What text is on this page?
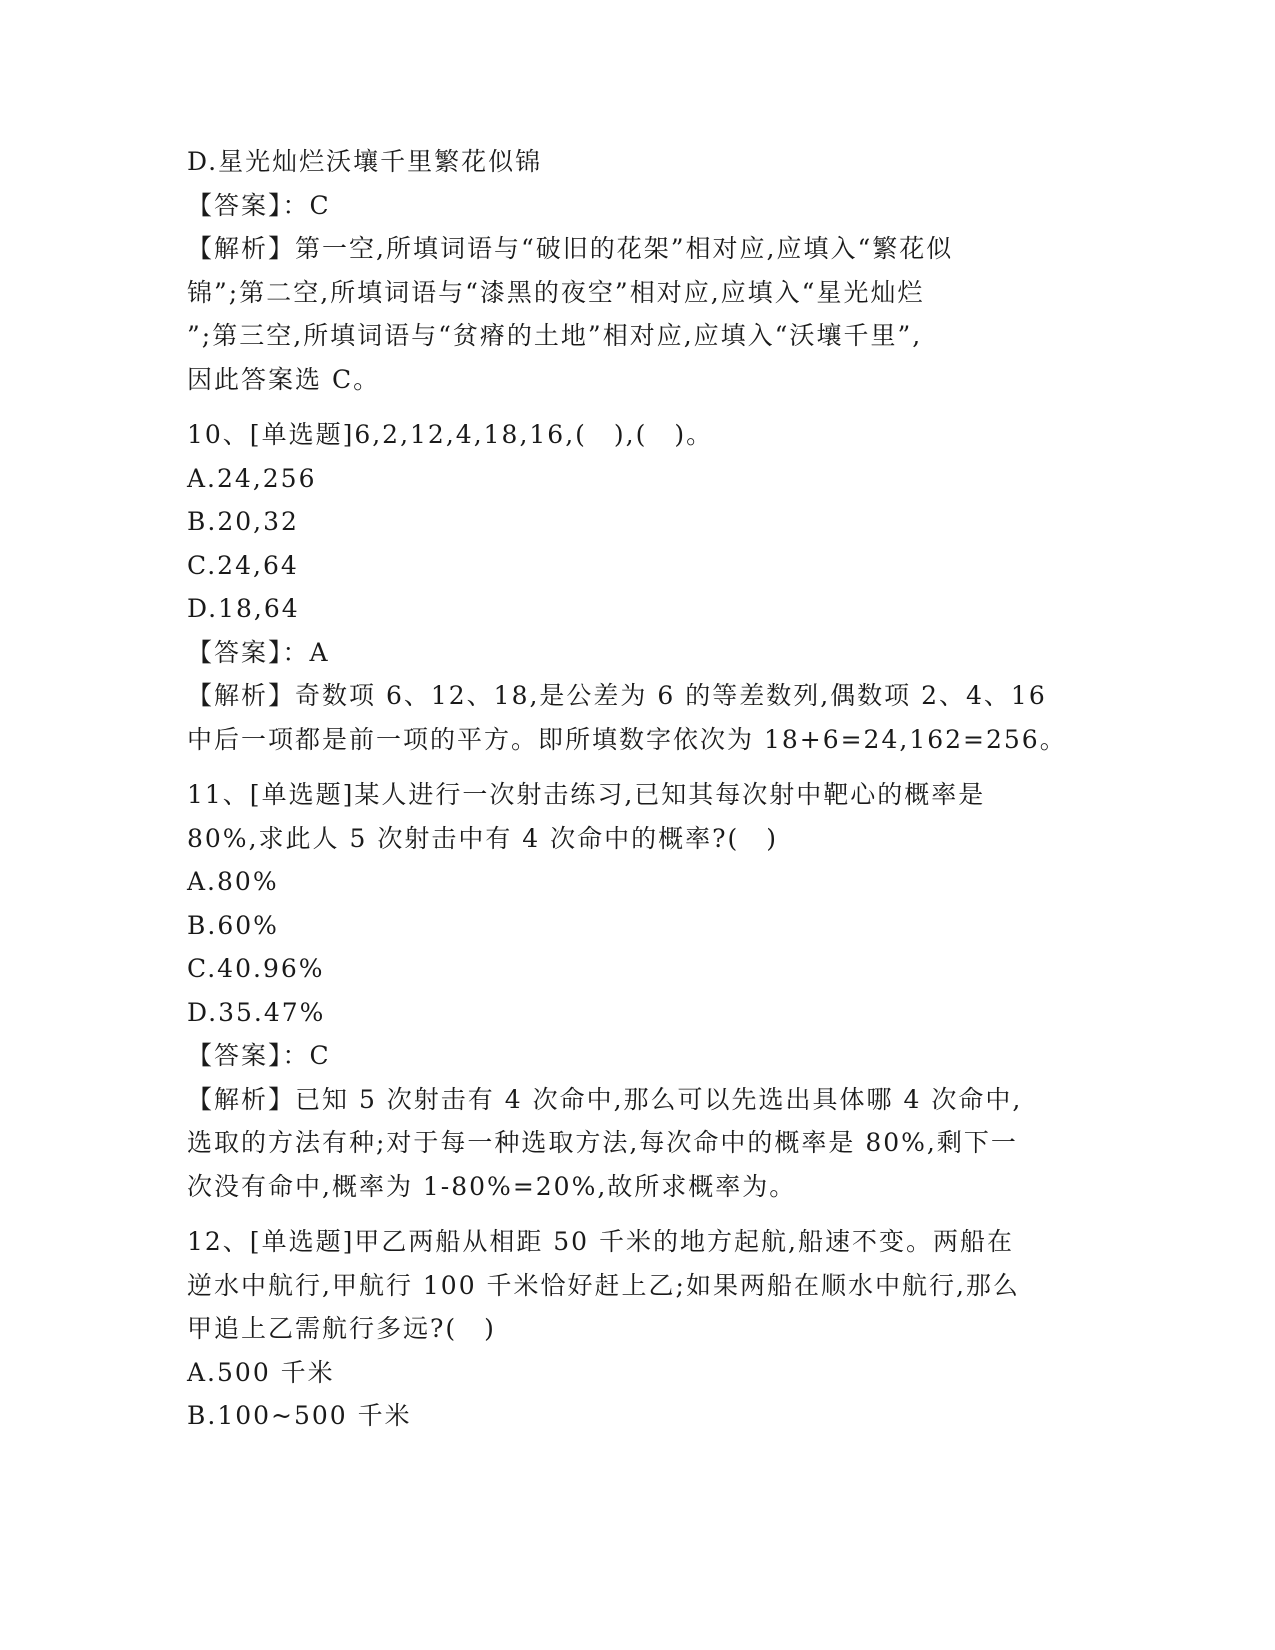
D.星光灿烂沃壤千里繁花似锦
【答案】：C
【解析】第一空,所填词语与“破旧的花架”相对应,应填入“繁花似
锦”;第二空,所填词语与“漆黑的夜空”相对应,应填入“星光灿烂
”;第三空,所填词语与“贫瘠的土地”相对应,应填入“沃壤千里”,
因此答案选 C。
10、[单选题]6,2,12,4,18,16,(　),(　)。
A.24,256
B.20,32
C.24,64
D.18,64
【答案】：A
【解析】奇数项 6、12、18,是公差为 6 的等差数列,偶数项 2、4、16
中后一项都是前一项的平方。即所填数字依次为 18+6=24,162=256。
11、[单选题]某人进行一次射击练习,已知其每次射中靶心的概率是
80%,求此人 5 次射击中有 4 次命中的概率?(　)
A.80%
B.60%
C.40.96%
D.35.47%
【答案】：C
【解析】已知 5 次射击有 4 次命中,那么可以先选出具体哪 4 次命中,
选取的方法有种;对于每一种选取方法,每次命中的概率是 80%,剩下一
次没有命中,概率为 1-80%=20%,故所求概率为。
12、[单选题]甲乙两船从相距 50 千米的地方起航,船速不变。两船在
逆水中航行,甲航行 100 千米恰好赶上乙;如果两船在顺水中航行,那么
甲追上乙需航行多远?(　)
A.500 千米
B.100~500 千米
